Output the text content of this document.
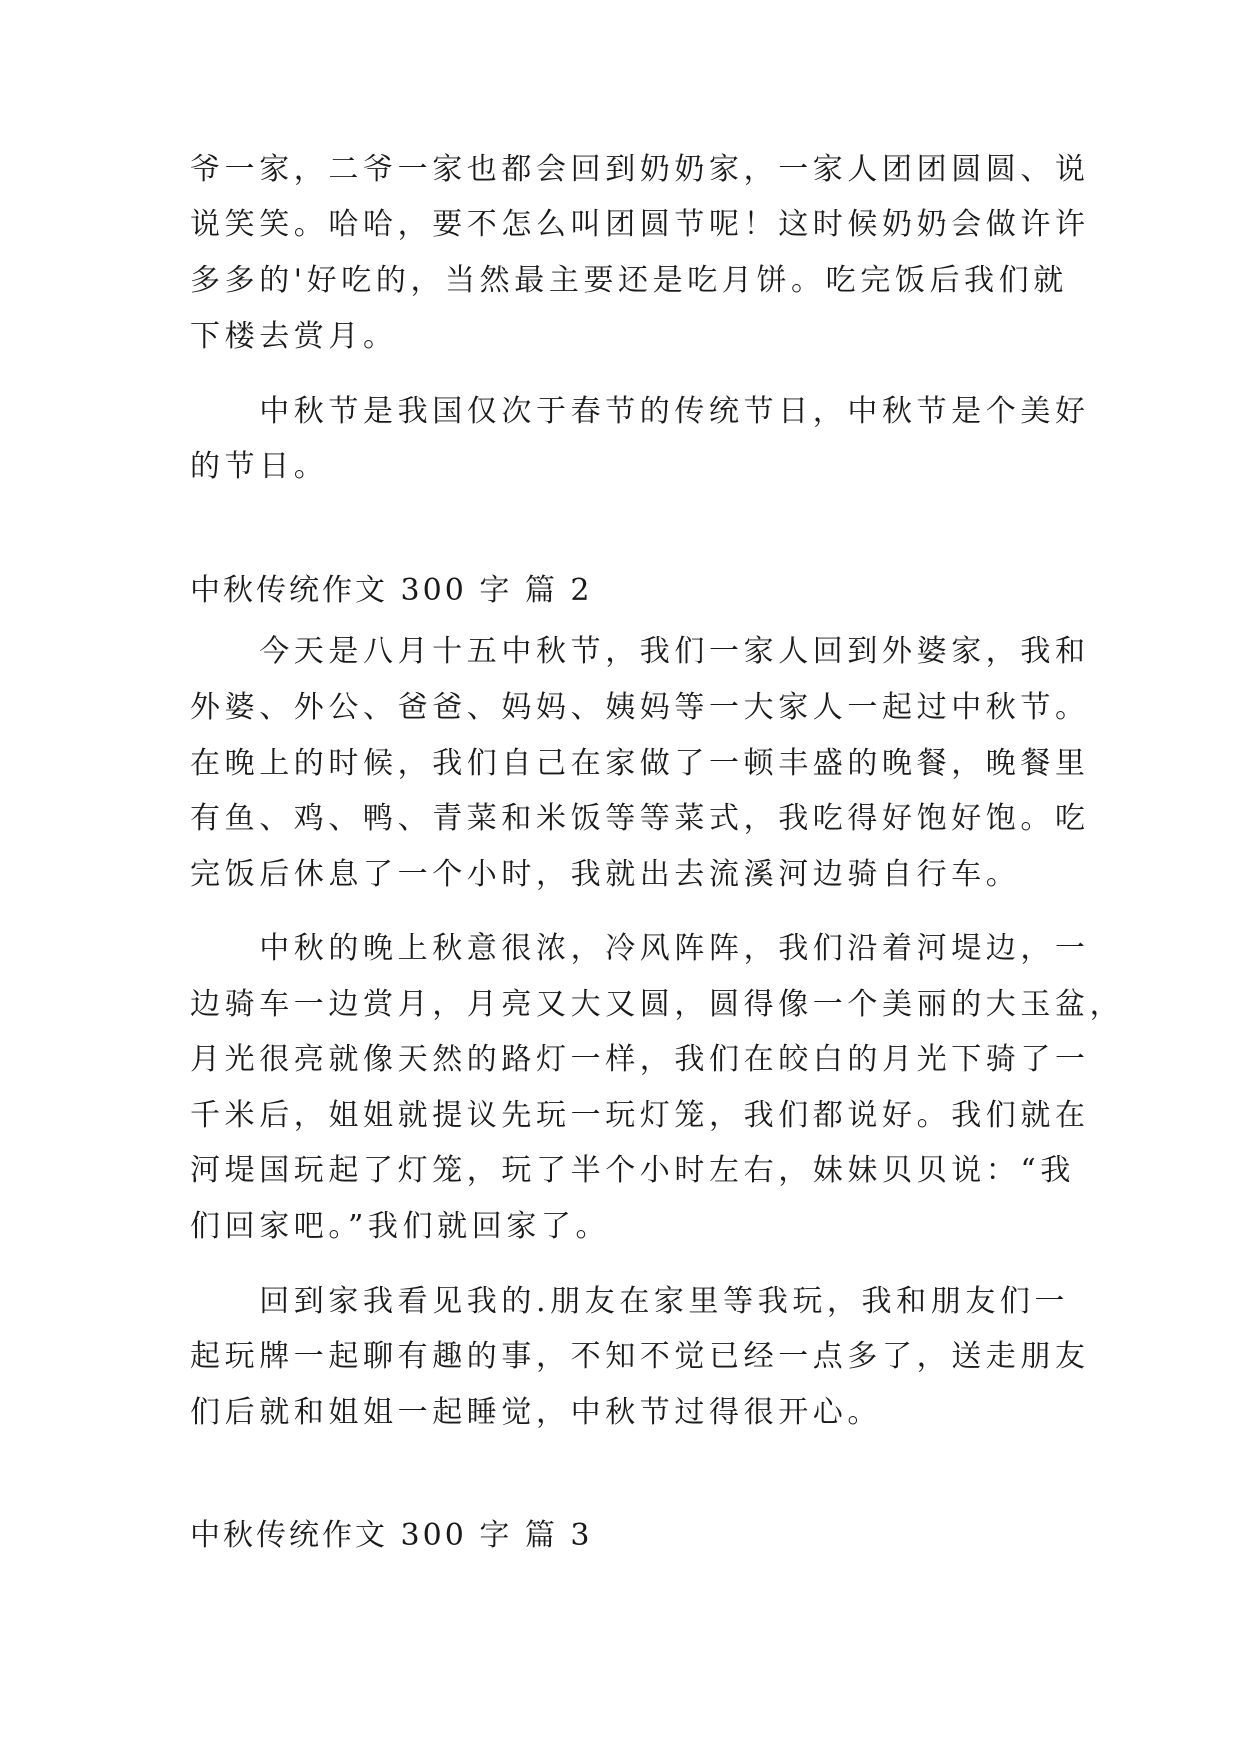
爷一家，二爷一家也都会回到奶奶家，一家人团团圆圆、说
说笑笑。哈哈，要不怎么叫团圆节呢！这时候奶奶会做许许
多多的'好吃的，当然最主要还是吃月饼。吃完饭后我们就
下楼去赏月。
　　中秋节是我国仅次于春节的传统节日，中秋节是个美好
的节日。
中秋传统作文 300 字 篇 2
　　今天是八月十五中秋节，我们一家人回到外婆家，我和
外婆、外公、爸爸、妈妈、姨妈等一大家人一起过中秋节。
在晚上的时候，我们自己在家做了一顿丰盛的晚餐，晚餐里
有鱼、鸡、鸭、青菜和米饭等等菜式，我吃得好饱好饱。吃
完饭后休息了一个小时，我就出去流溪河边骑自行车。
　　中秋的晚上秋意很浓，冷风阵阵，我们沿着河堤边，一
边骑车一边赏月，月亮又大又圆，圆得像一个美丽的大玉盆，
月光很亮就像天然的路灯一样，我们在皎白的月光下骑了一
千米后，姐姐就提议先玩一玩灯笼，我们都说好。我们就在
河堤国玩起了灯笼，玩了半个小时左右，妹妹贝贝说：“我
们回家吧。”我们就回家了。
　　回到家我看见我的.朋友在家里等我玩，我和朋友们一
起玩牌一起聊有趣的事，不知不觉已经一点多了，送走朋友
们后就和姐姐一起睡觉，中秋节过得很开心。
中秋传统作文 300 字 篇 3
